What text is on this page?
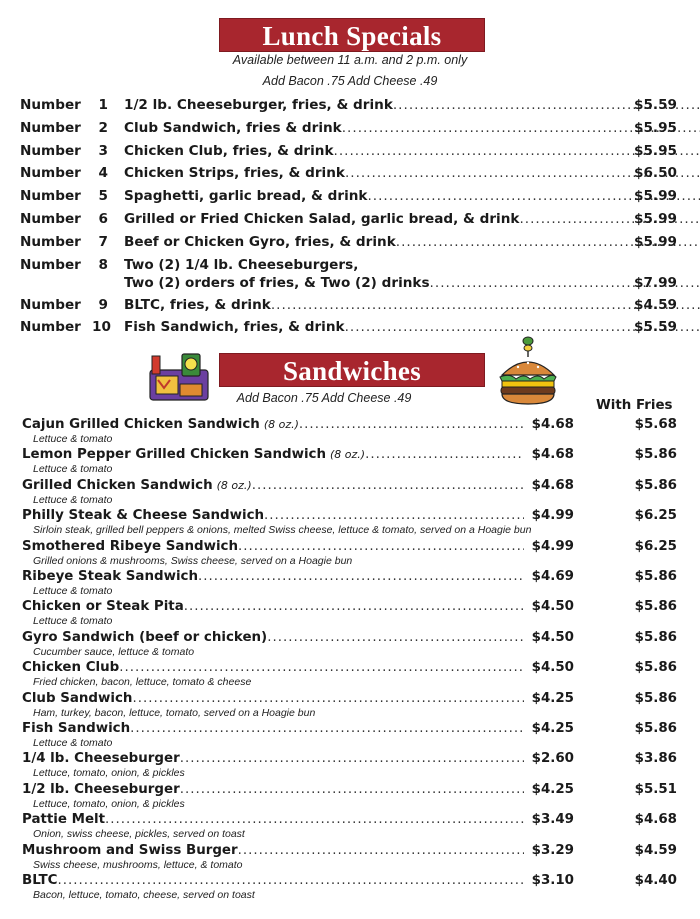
Lunch Specials
Available between 11 a.m. and 2 p.m. only
Add Bacon .75 Add Cheese .49
Number	1 1/2 lb. Cheeseburger, fries, & drink .....	$5.59
Number	2 Club Sandwich, fries & drink .....	$5.95
Number	3 Chicken Club, fries, & drink .....	$5.95
Number	4 Chicken Strips, fries, & drink .....	$6.50
Number	5 Spaghetti, garlic bread, & drink .....	$5.99
Number	6 Grilled or Fried Chicken Salad, garlic bread, & drink .....	$5.99
Number	7 Beef or Chicken Gyro, fries, & drink .....	$5.99
Number	8 Two (2) 1/4 lb. Cheeseburgers,
Two (2) orders of fries, & Two (2) drinks .....	$7.99
Number	9 BLTC, fries, & drink .....	$4.59
Number 10 Fish Sandwich, fries, & drink .....	$5.59
Sandwiches
Add Bacon .75 Add Cheese .49	With Fries
Cajun Grilled Chicken Sandwich (8 oz.) .....	$4.68	$5.68
Lettuce & tomato
Lemon Pepper Grilled Chicken Sandwich (8 oz.) .....	$4.68	$5.86
Lettuce & tomato
Grilled Chicken Sandwich (8 oz.) .....	$4.68	$5.86
Lettuce & tomato
Philly Steak & Cheese Sandwich .....	$4.99	$6.25
Sirloin steak, grilled bell peppers & onions, melted Swiss cheese, lettuce & tomato, served on a Hoagie bun
Smothered Ribeye Sandwich .....	$4.99	$6.25
Grilled onions & mushrooms, Swiss cheese, served on a Hoagie bun
Ribeye Steak Sandwich .....	$4.69	$5.86
Lettuce & tomato
Chicken or Steak Pita .....	$4.50	$5.86
Lettuce & tomato
Gyro Sandwich (beef or chicken) .....	$4.50	$5.86
Cucumber sauce, lettuce & tomato
Chicken Club .....	$4.50	$5.86
Fried chicken, bacon, lettuce, tomato & cheese
Club Sandwich .....	$4.25	$5.86
Ham, turkey, bacon, lettuce, tomato, served on a Hoagie bun
Fish Sandwich .....	$4.25	$5.86
Lettuce & tomato
1/4 lb. Cheeseburger .....	$2.60	$3.86
Lettuce, tomato, onion, & pickles
1/2 lb. Cheeseburger .....	$4.25	$5.51
Lettuce, tomato, onion, & pickles
Pattie Melt .....	$3.49	$4.68
Onion, swiss cheese, pickles, served on toast
Mushroom and Swiss Burger .....	$3.29	$4.59
Swiss cheese, mushrooms, lettuce, & tomato
BLTC .....	$3.10	$4.40
Bacon, lettuce, tomato, cheese, served on toast
